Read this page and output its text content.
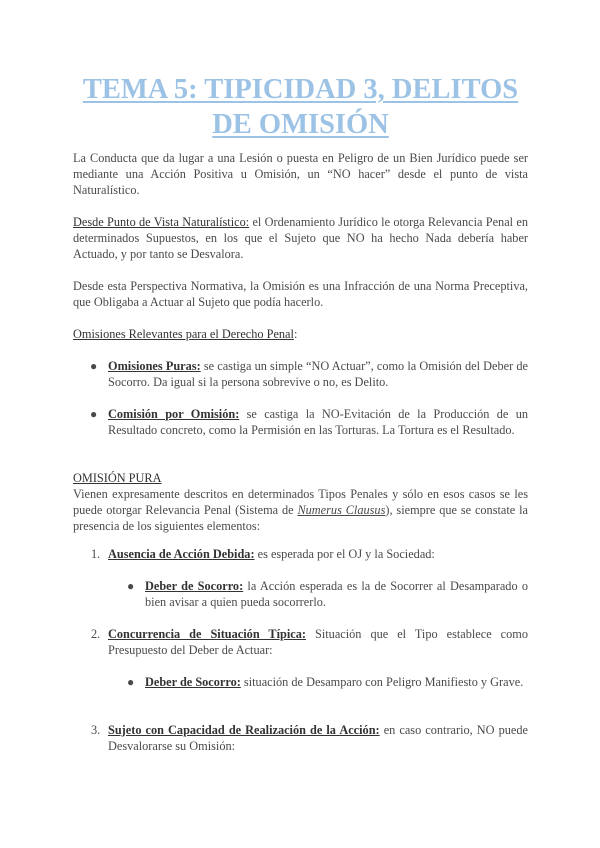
TEMA 5: TIPICIDAD 3, DELITOS
DE OMISIÓN

La Conducta que da lugar a una Lesión o puesta en Peligro de un Bien Jurídico puede ser mediante una Acción Positiva u Omisión, un “NO hacer” desde el punto de vista Naturalístico.

Desde Punto de Vista Naturalístico: el Ordenamiento Jurídico le otorga Relevancia Penal en determinados Supuestos, en los que el Sujeto que NO ha hecho Nada debería haber Actuado, y por tanto se Desvalora.

Desde esta Perspectiva Normativa, la Omisión es una Infracción de una Norma Preceptiva, que Obligaba a Actuar al Sujeto que podía hacerlo.

Omisiones Relevantes para el Derecho Penal:

● Omisiones Puras: se castiga un simple “NO Actuar”, como la Omisión del Deber de Socorro. Da igual si la persona sobrevive o no, es Delito.

● Comisión por Omisión: se castiga la NO-Evitación de la Producción de un Resultado concreto, como la Permisión en las Torturas. La Tortura es el Resultado.

OMISIÓN PURA

Vienen expresamente descritos en determinados Tipos Penales y sólo en esos casos se les puede otorgar Relevancia Penal (Sistema de Numerus Clausus), siempre que se constate la presencia de los siguientes elementos:

1. Ausencia de Acción Debida: es esperada por el OJ y la Sociedad:

● Deber de Socorro: la Acción esperada es la de Socorrer al Desamparado o bien avisar a quien pueda socorrerlo.

2. Concurrencia de Situación Típica: Situación que el Tipo establece como Presupuesto del Deber de Actuar:

● Deber de Socorro: situación de Desamparo con Peligro Manifiesto y Grave.

3. Sujeto con Capacidad de Realización de la Acción: en caso contrario, NO puede Desvalorarse su Omisión:
